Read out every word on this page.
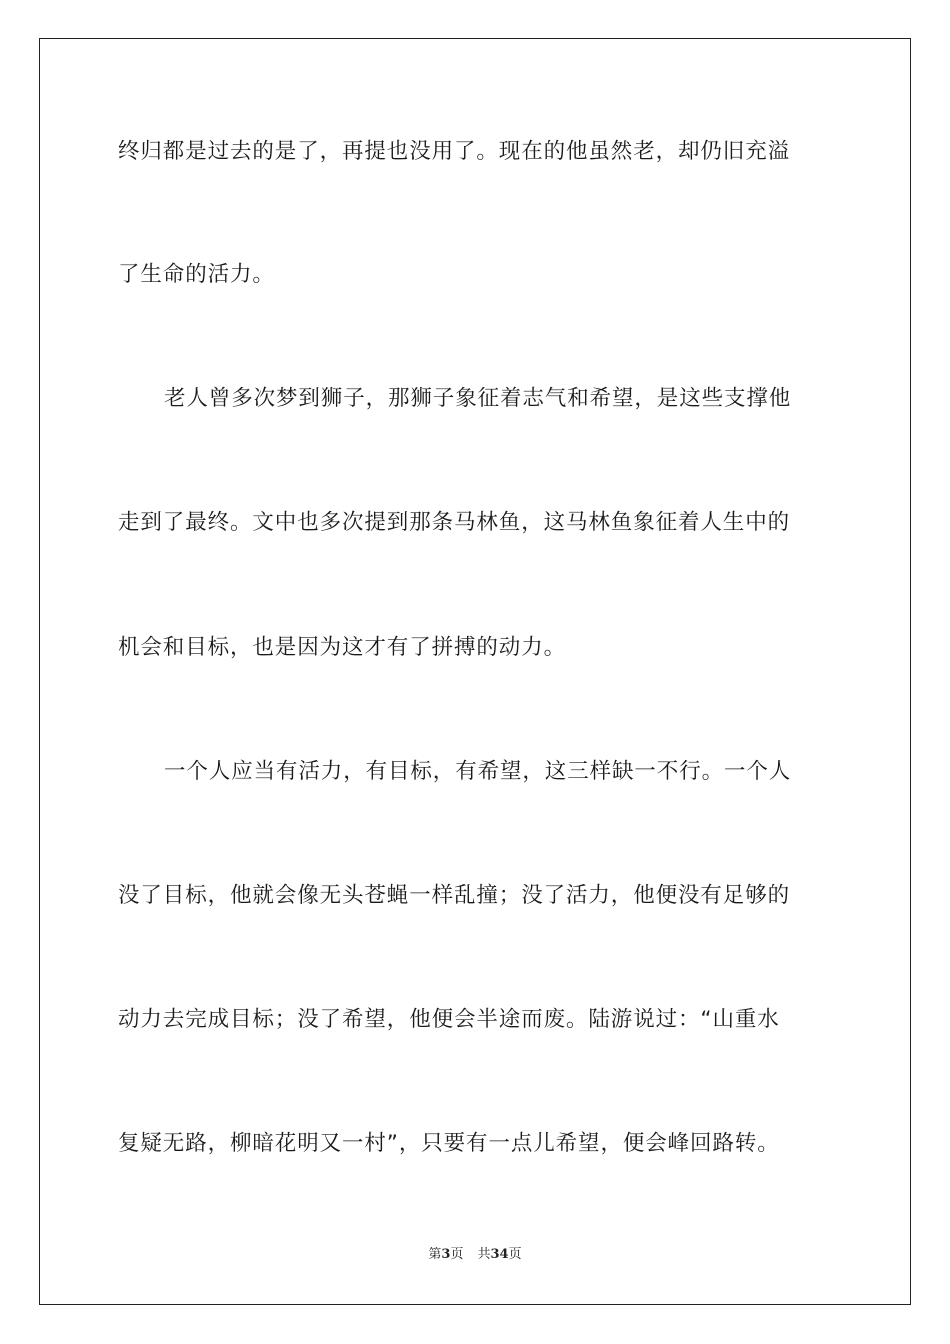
终归都是过去的是了，再提也没用了。现在的他虽然老，却仍旧充溢
了生命的活力。
老人曾多次梦到狮子，那狮子象征着志气和希望，是这些支撑他
走到了最终。文中也多次提到那条马林鱼，这马林鱼象征着人生中的
机会和目标，也是因为这才有了拼搏的动力。
一个人应当有活力，有目标，有希望，这三样缺一不行。一个人
没了目标，他就会像无头苍蝇一样乱撞；没了活力，他便没有足够的
动力去完成目标；没了希望，他便会半途而废。陆游说过：“山重水
复疑无路，柳暗花明又一村”，只要有一点儿希望，便会峰回路转。
第3页 共34页
